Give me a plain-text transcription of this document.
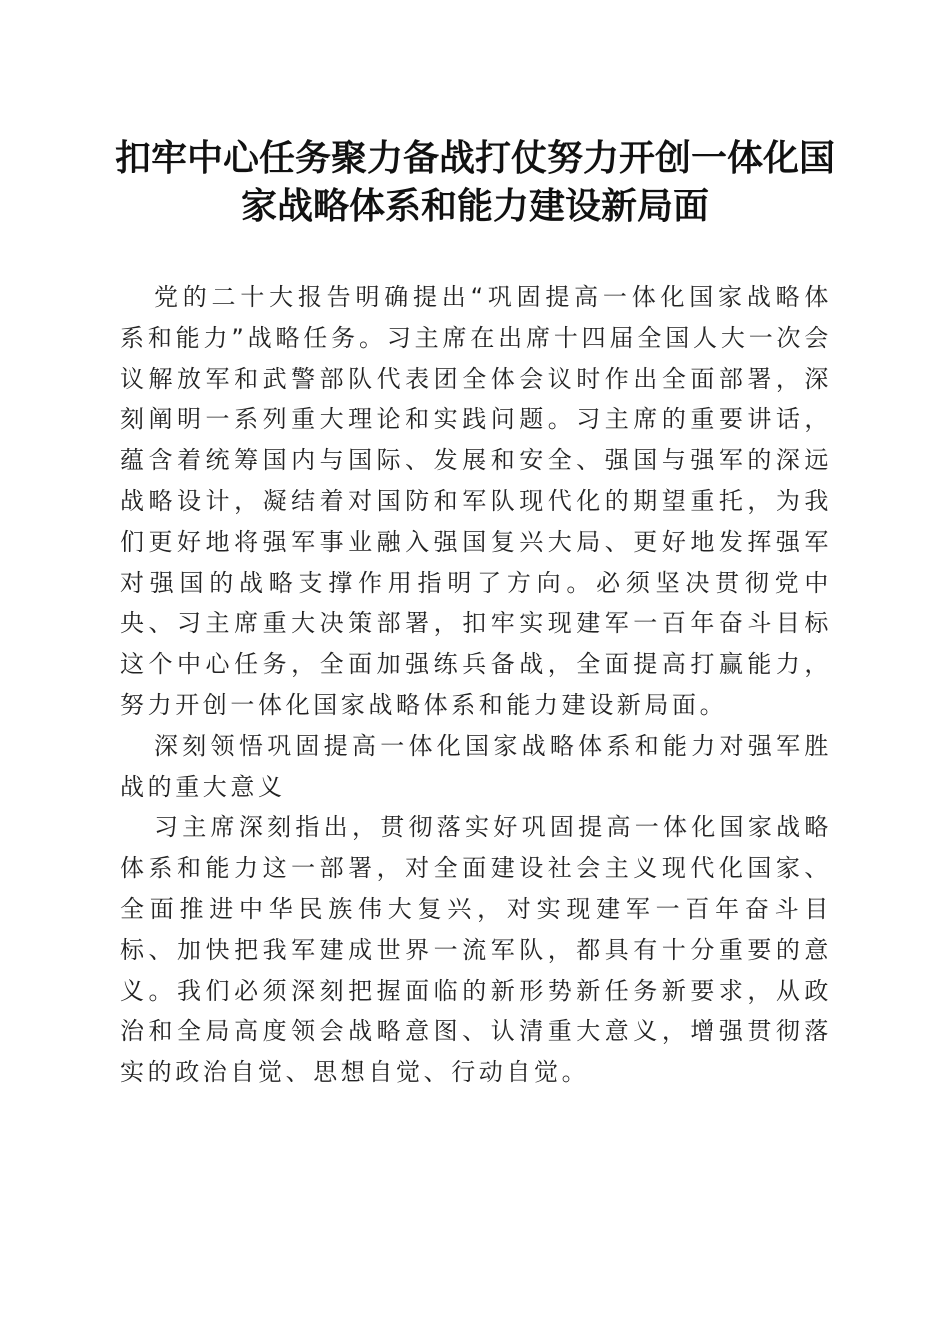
扣牢中心任务聚力备战打仗努力开创一体化国
家战略体系和能力建设新局面

党的二十大报告明确提出“巩固提高一体化国家战略体系和能力”战略任务。习主席在出席十四届全国人大一次会议解放军和武警部队代表团全体会议时作出全面部署，深刻阐明一系列重大理论和实践问题。习主席的重要讲话，蕴含着统筹国内与国际、发展和安全、强国与强军的深远战略设计，凝结着对国防和军队现代化的期望重托，为我们更好地将强军事业融入强国复兴大局、更好地发挥强军对强国的战略支撑作用指明了方向。必须坚决贯彻党中央、习主席重大决策部署，扣牢实现建军一百年奋斗目标这个中心任务，全面加强练兵备战，全面提高打赢能力，努力开创一体化国家战略体系和能力建设新局面。

深刻领悟巩固提高一体化国家战略体系和能力对强军胜战的重大意义

习主席深刻指出，贯彻落实好巩固提高一体化国家战略体系和能力这一部署，对全面建设社会主义现代化国家、全面推进中华民族伟大复兴，对实现建军一百年奋斗目标、加快把我军建成世界一流军队，都具有十分重要的意义。我们必须深刻把握面临的新形势新任务新要求，从政治和全局高度领会战略意图、认清重大意义，增强贯彻落实的政治自觉、思想自觉、行动自觉。
